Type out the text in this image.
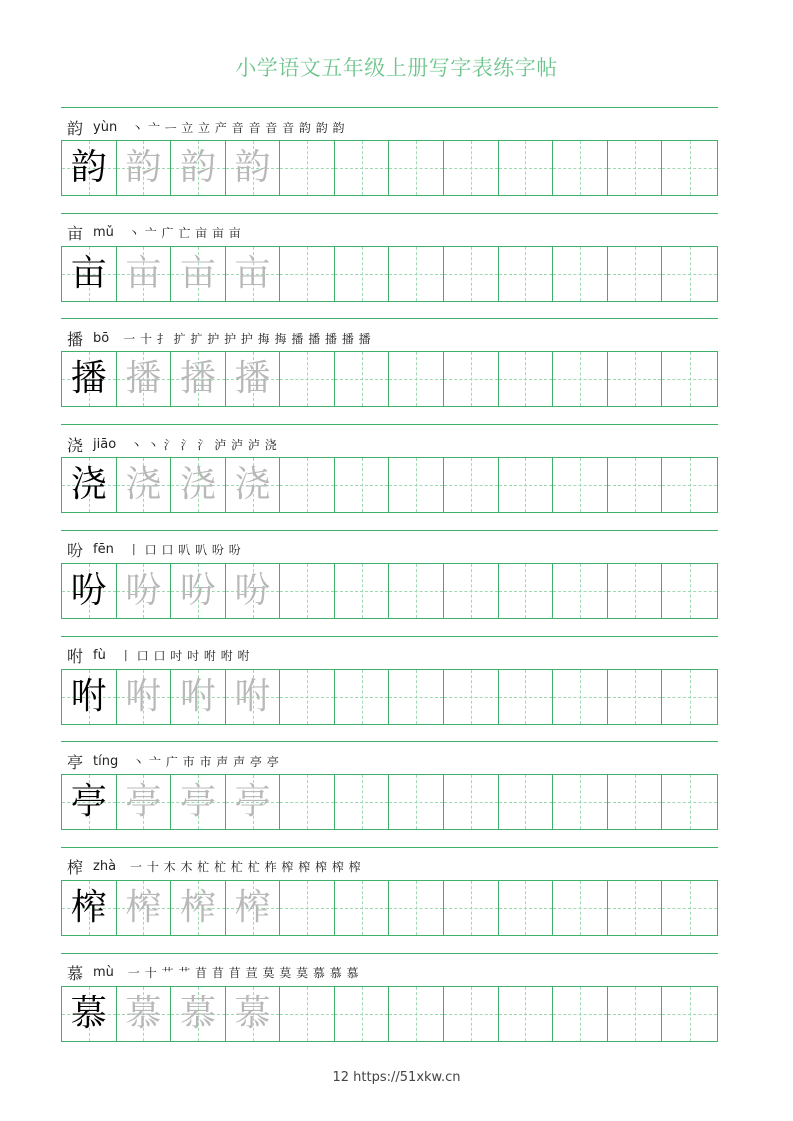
小学语文五年级上册写字表练字帖
韵 yùn 丶 亠 ᅳ 立 立 产 音 音 音 音 韵 韵 韵
韵 韵 韵 韵
亩 mǔ 丶 亠 广 亡 亩 亩 亩
亩 亩 亩 亩
播 bō 一 十 扌 扩 扩 护 护 护 挴 挴 播 播 播 播 播
播 播 播 播
浇 jiāo 丶 丶 氵 氵 氵 泸 泸 泸 浇
浇 浇 浇 浇
吩 fēn 丨 口 口 叭 叭 吩 吩
吩 吩 吩 吩
咐 fù 丨 口 口 吋 吋 咐 咐 咐
咐 咐 咐 咐
亭 tíng 丶 亠 广 市 市 声 声 亭 亭
亭 亭 亭 亭
榨 zhà 一 十 木 木 杧 杧 杧 杧 柞 榨 榨 榨 榨 榨
榨 榨 榨 榨
慕 mù 一 十 艹 艹 苜 苜 苜 荁 莫 莫 莫 慕 慕 慕
慕 慕 慕 慕
12 https://51xkw.cn
